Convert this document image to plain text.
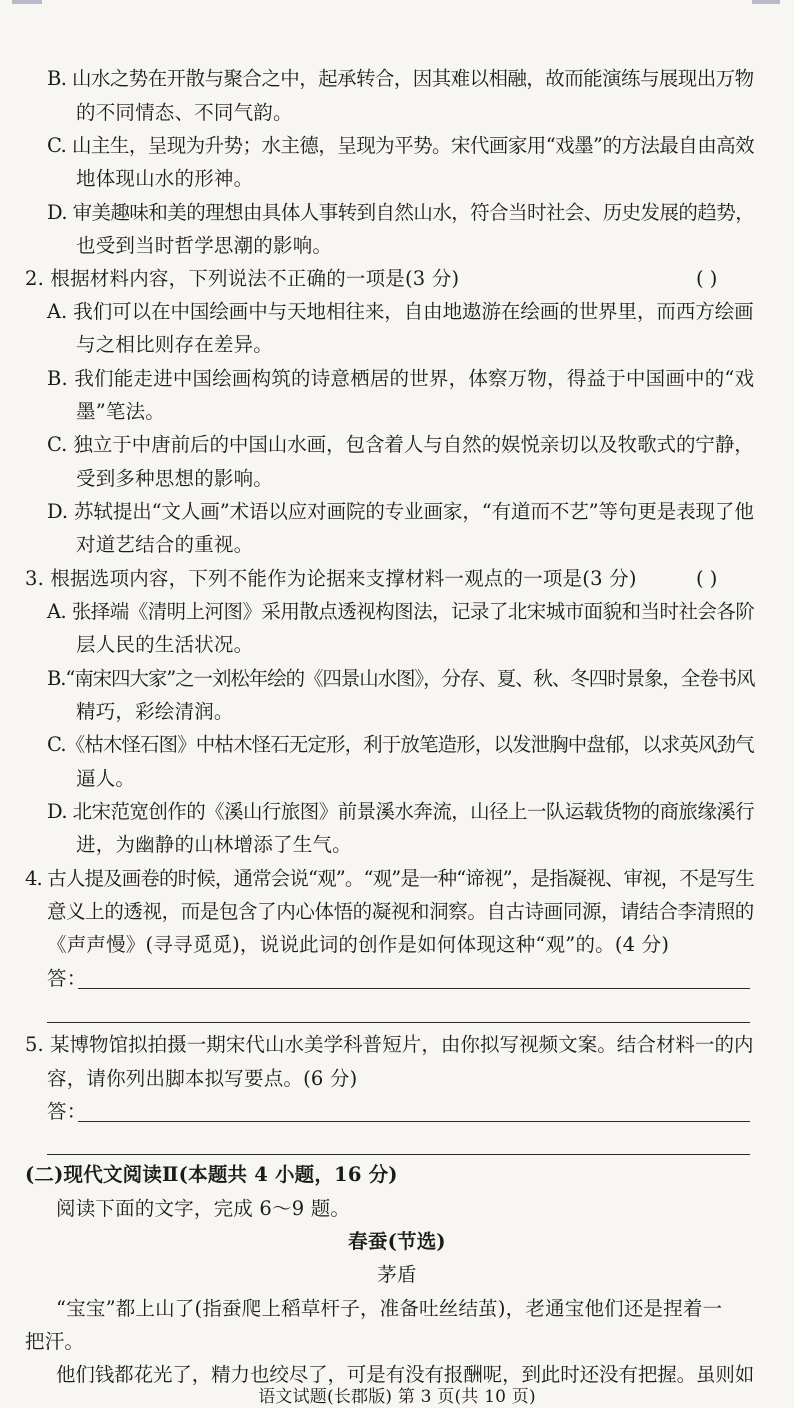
B. 山水之势在开散与聚合之中，起承转合，因其难以相融，故而能演练与展现出万物
的不同情态、不同气韵。
C. 山主生，呈现为升势；水主德，呈现为平势。宋代画家用“戏墨”的方法最自由高效
地体现山水的形神。
D. 审美趣味和美的理想由具体人事转到自然山水，符合当时社会、历史发展的趋势，
也受到当时哲学思潮的影响。
2. 根据材料内容，下列说法不正确的一项是(3 分)	( )
A. 我们可以在中国绘画中与天地相往来，自由地遨游在绘画的世界里，而西方绘画
与之相比则存在差异。
B. 我们能走进中国绘画构筑的诗意栖居的世界，体察万物，得益于中国画中的“戏
墨”笔法。
C. 独立于中唐前后的中国山水画，包含着人与自然的娱悦亲切以及牧歌式的宁静，
受到多种思想的影响。
D. 苏轼提出“文人画”术语以应对画院的专业画家，“有道而不艺”等句更是表现了他
对道艺结合的重视。
3. 根据选项内容，下列不能作为论据来支撑材料一观点的一项是(3 分)	( )
A. 张择端《清明上河图》采用散点透视构图法，记录了北宋城市面貌和当时社会各阶
层人民的生活状况。
B.“南宋四大家”之一刘松年绘的《四景山水图》，分存、夏、秋、冬四时景象，全卷书风
精巧，彩绘清润。
C.《枯木怪石图》中枯木怪石无定形，利于放笔造形，以发泄胸中盘郁，以求英风劲气
逼人。
D. 北宋范宽创作的《溪山行旅图》前景溪水奔流，山径上一队运载货物的商旅缘溪行
进，为幽静的山林增添了生气。
4. 古人提及画卷的时候，通常会说“观”。“观”是一种“谛视”，是指凝视、审视，不是写生
意义上的透视，而是包含了内心体悟的凝视和洞察。自古诗画同源，请结合李清照的
《声声慢》(寻寻觅觅)，说说此词的创作是如何体现这种“观”的。(4 分)
答：
5. 某博物馆拟拍摄一期宋代山水美学科普短片，由你拟写视频文案。结合材料一的内
容，请你列出脚本拟写要点。(6 分)
答：
(二)现代文阅读Ⅱ(本题共 4 小题，16 分)
阅读下面的文字，完成 6～9 题。
春蚕(节选)
茅盾
“宝宝”都上山了(指蚕爬上稻草杆子，准备吐丝结茧)，老通宝他们还是捏着一
把汗。
他们钱都花光了，精力也绞尽了，可是有没有报酬呢，到此时还没有把握。虽则如
语文试题(长郡版) 第 3 页(共 10 页)
